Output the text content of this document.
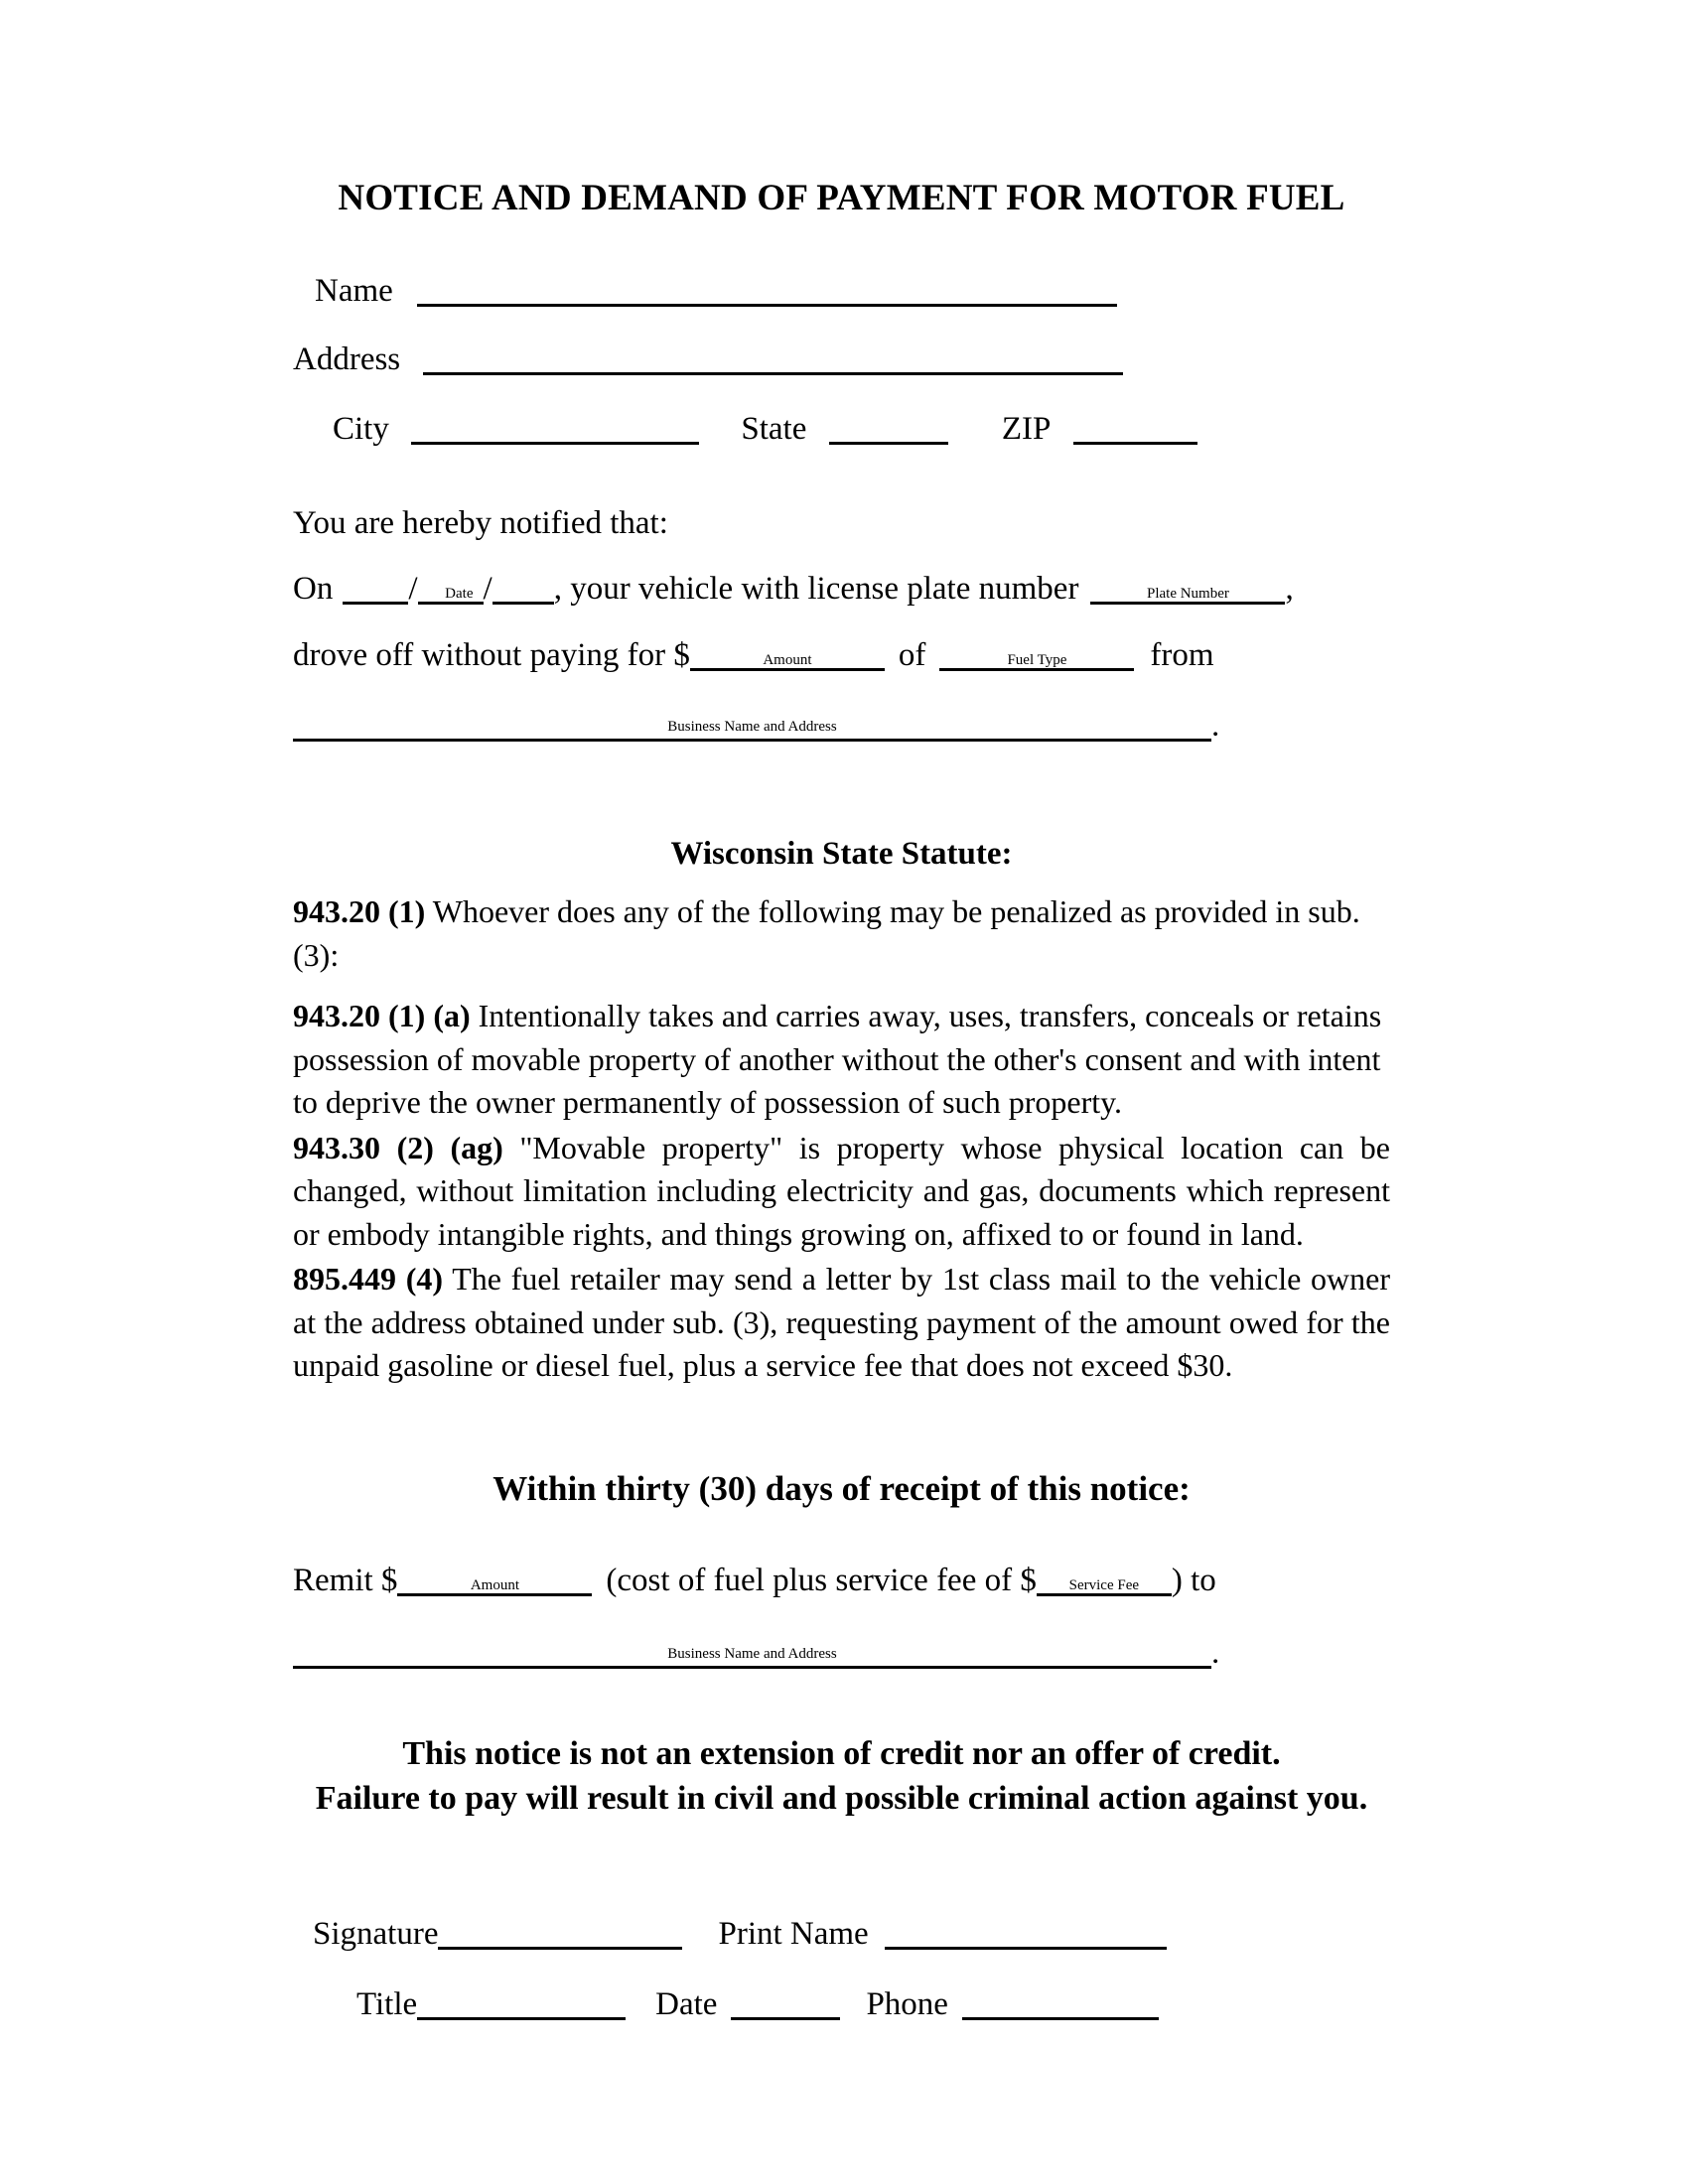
NOTICE AND DEMAND OF PAYMENT FOR MOTOR FUEL
Name
Address
City	State	ZIP
You are hereby notified that:
On / /
Date	, your vehicle with license plate number	Plate Number	,
drove off without paying for $	Amount	of	Fuel Type	from
Business Name and Address	.
Wisconsin State Statute:
943.20 (1) Whoever does any of the following may be penalized as provided in sub. (3):
943.20 (1) (a) Intentionally takes and carries away, uses, transfers, conceals or retains possession of movable property of another without the other's consent and with intent to deprive the owner permanently of possession of such property.
943.30 (2) (ag) "Movable property" is property whose physical location can be changed, without limitation including electricity and gas, documents which represent or embody intangible rights, and things growing on, affixed to or found in land.
895.449 (4) The fuel retailer may send a letter by 1st class mail to the vehicle owner at the address obtained under sub. (3), requesting payment of the amount owed for the unpaid gasoline or diesel fuel, plus a service fee that does not exceed $30.
Within thirty (30) days of receipt of this notice:
Remit $	Amount	(cost of fuel plus service fee of $	Service Fee ) to
Business Name and Address	.
This notice is not an extension of credit nor an offer of credit.
Failure to pay will result in civil and possible criminal action against you.
Signature	Print Name
Title	Date	Phone
